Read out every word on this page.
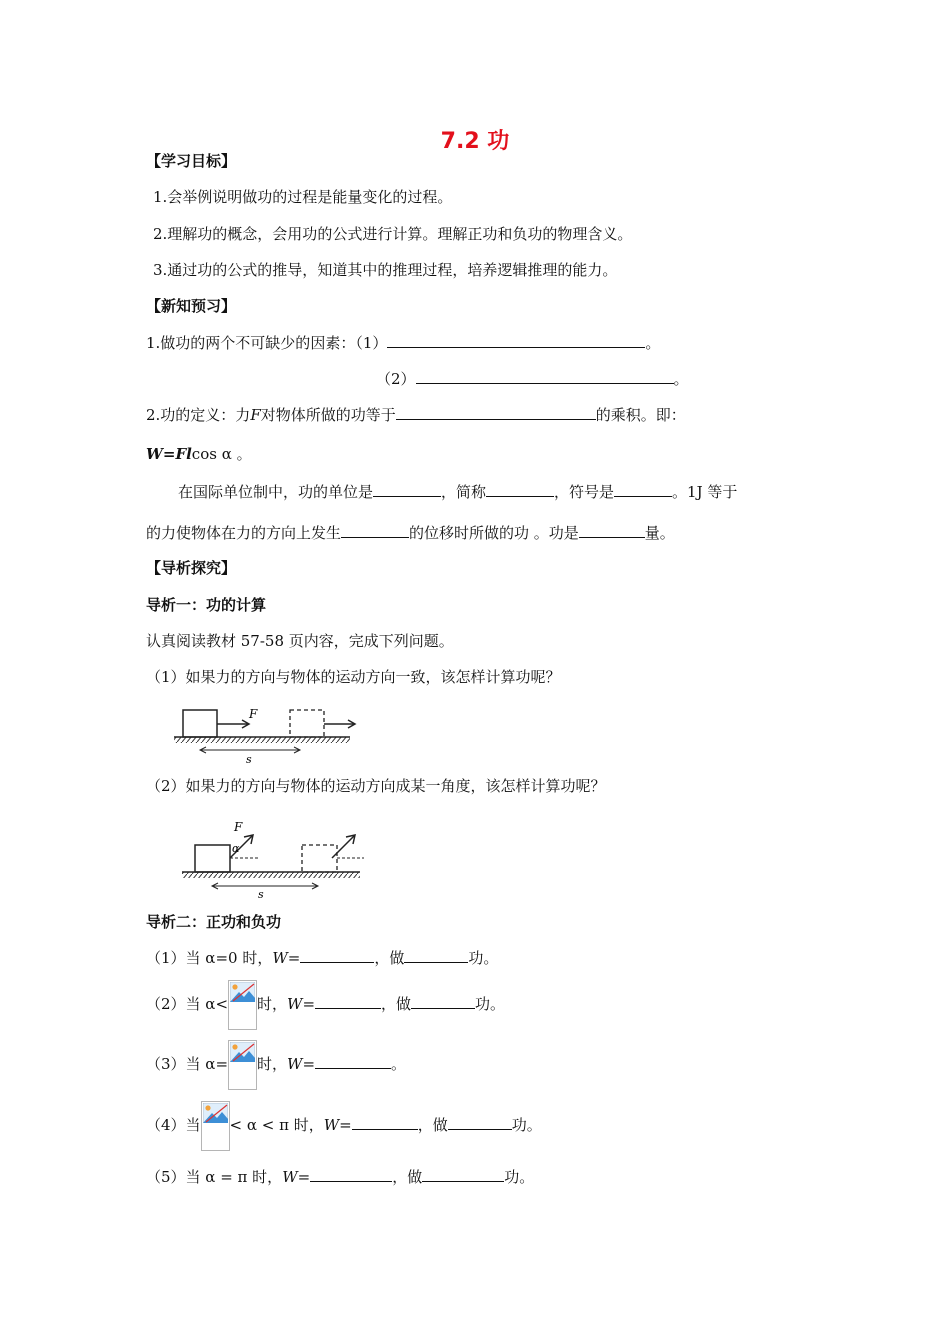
7.2 功
【学习目标】
1.会举例说明做功的过程是能量变化的过程。
2.理解功的概念，会用功的公式进行计算。理解正功和负功的物理含义。
3.通过功的公式的推导，知道其中的推理过程，培养逻辑推理的能力。
【新知预习】
1.做功的两个不可缺少的因素：（1）	。
（2）	。
2.功的定义：力F对物体所做的功等于	的乘积。即：
W=Flcos α 。
在国际单位制中，功的单位是	，简称	，符号是	。1J 等于
的力使物体在力的方向上发生	的位移时所做的功 。功是	量。
【导析探究】
导析一：功的计算
认真阅读教材 57-58 页内容，完成下列问题。
（1）如果力的方向与物体的运动方向一致，该怎样计算功呢？
F
s
（2）如果力的方向与物体的运动方向成某一角度，该怎样计算功呢？
F
α
s
导析二：正功和负功
（1）当 α=0 时，W=	，做	功。
（2）当 α< 时，W=	，做	功。
（3）当 α= 时，W=	。
（4）当 < α < π 时，W=	，做	功。
（5）当 α = π 时，W=	，做	功。
